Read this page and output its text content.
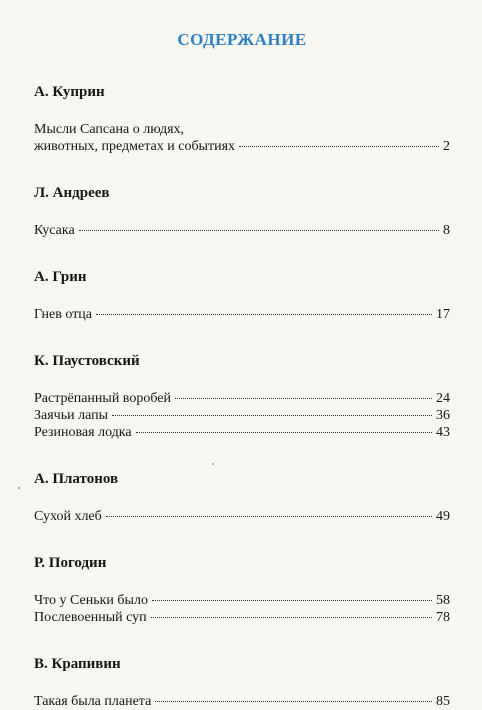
СОДЕРЖАНИЕ
А. Куприн
Мысли Сапсана о людях,
животных, предметах и событиях	2
Л. Андреев
Кусака	8
А. Грин
Гнев отца	17
К. Паустовский
Растрёпанный воробей	24
Заячьи лапы	36
Резиновая лодка	43
А. Платонов
Сухой хлеб	49
Р. Погодин
Что у Сеньки было	58
Послевоенный суп	78
В. Крапивин
Такая была планета	85
